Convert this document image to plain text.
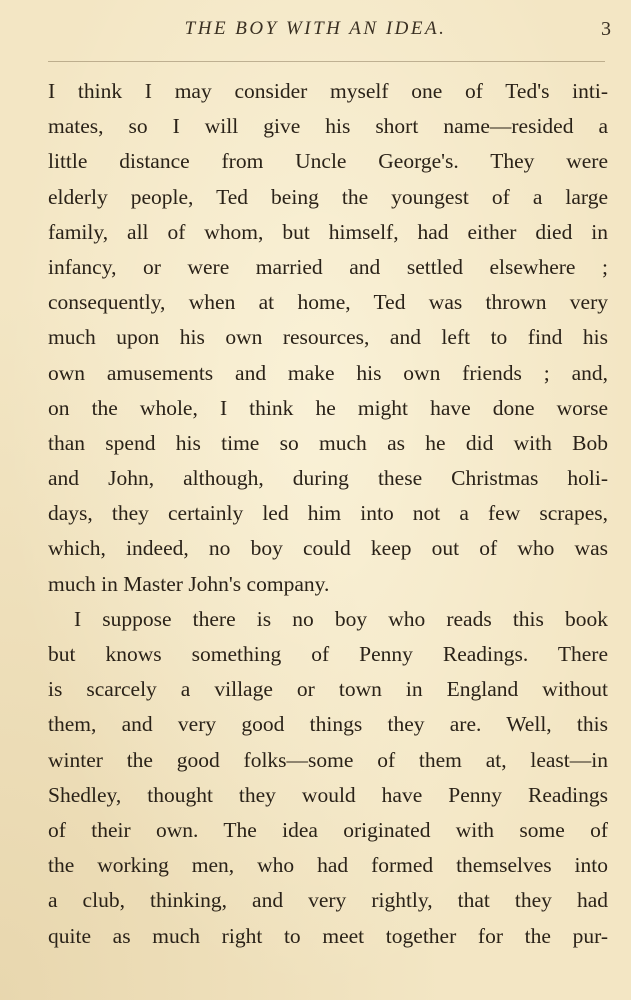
THE BOY WITH AN IDEA.	3
I think I may consider myself one of Ted's inti-
mates, so I will give his short name—resided a
little distance from Uncle George's. They were
elderly people, Ted being the youngest of a large
family, all of whom, but himself, had either died in
infancy, or were married and settled elsewhere ;
consequently, when at home, Ted was thrown very
much upon his own resources, and left to find his
own amusements and make his own friends ; and,
on the whole, I think he might have done worse
than spend his time so much as he did with Bob
and John, although, during these Christmas holi-
days, they certainly led him into not a few scrapes,
which, indeed, no boy could keep out of who was
much in Master John's company.
I suppose there is no boy who reads this book
but knows something of Penny Readings. There
is scarcely a village or town in England without
them, and very good things they are. Well, this
winter the good folks—some of them at, least—in
Shedley, thought they would have Penny Readings
of their own. The idea originated with some of
the working men, who had formed themselves into
a club, thinking, and very rightly, that they had
quite as much right to meet together for the pur-
